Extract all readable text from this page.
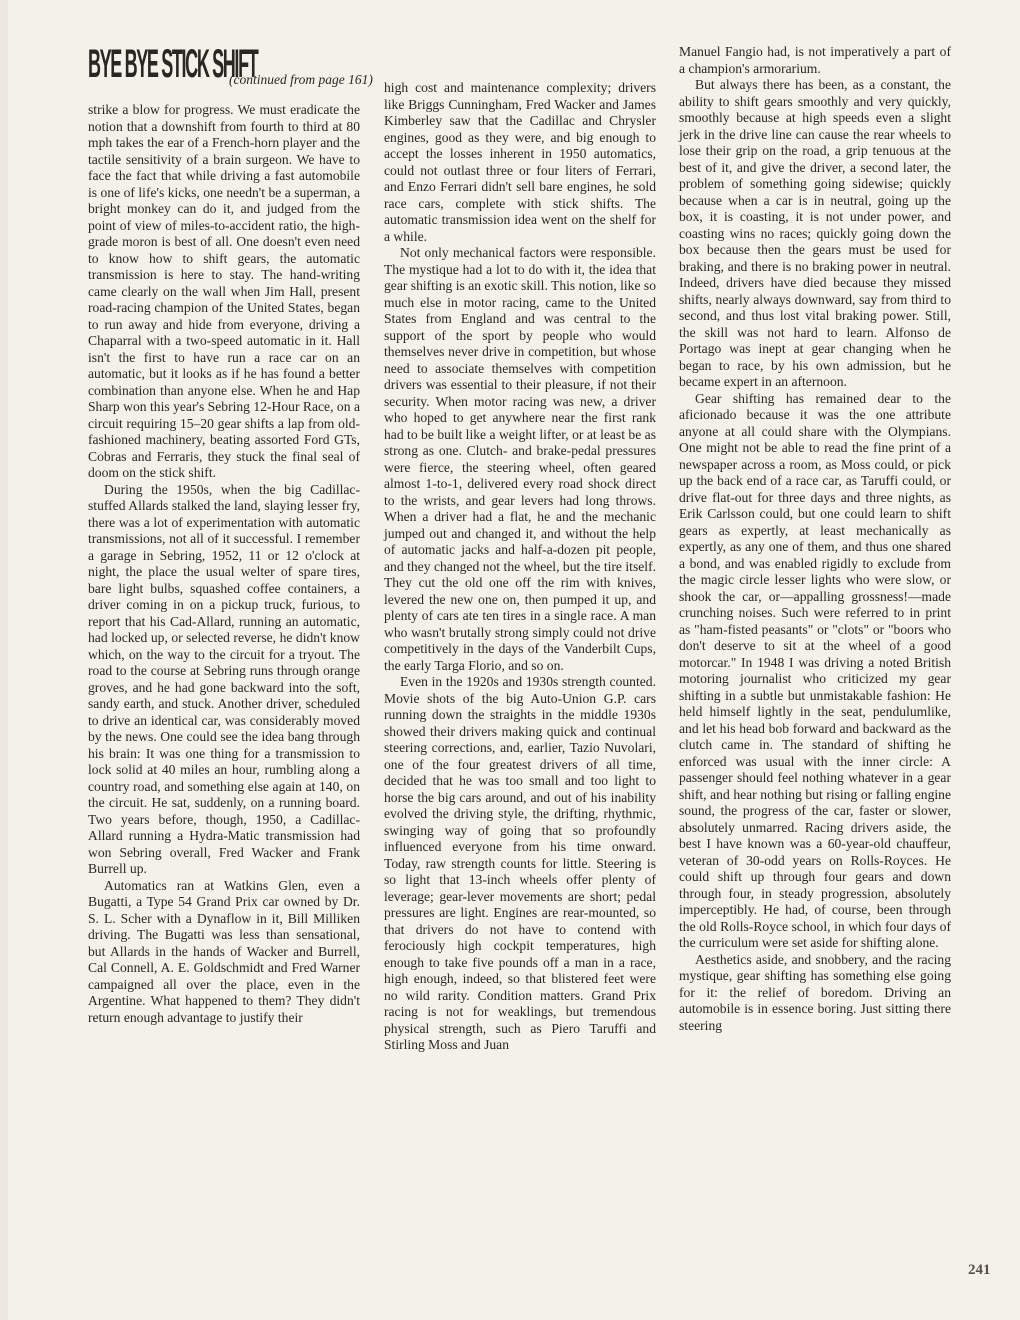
BYE BYE STICK SHIFT
(continued from page 161)

strike a blow for progress. We must eradicate the notion that a downshift from fourth to third at 80 mph takes the ear of a French-horn player and the tactile sensitivity of a brain surgeon. We have to face the fact that while driving a fast automobile is one of life's kicks, one needn't be a superman, a bright monkey can do it, and judged from the point of view of miles-to-accident ratio, the high-grade moron is best of all. One doesn't even need to know how to shift gears, the automatic transmission is here to stay. The hand-writing came clearly on the wall when Jim Hall, present road-racing champion of the United States, began to run away and hide from everyone, driving a Chaparral with a two-speed automatic in it. Hall isn't the first to have run a race car on an automatic, but it looks as if he has found a better combination than anyone else. When he and Hap Sharp won this year's Sebring 12-Hour Race, on a circuit requiring 15–20 gear shifts a lap from old-fashioned machinery, beating assorted Ford GTs, Cobras and Ferraris, they stuck the final seal of doom on the stick shift.

During the 1950s, when the big Cadillac-stuffed Allards stalked the land, slaying lesser fry, there was a lot of experimentation with automatic transmissions, not all of it successful. I remember a garage in Sebring, 1952, 11 or 12 o'clock at night, the place the usual welter of spare tires, bare light bulbs, squashed coffee containers, a driver coming in on a pickup truck, furious, to report that his Cad-Allard, running an automatic, had locked up, or selected reverse, he didn't know which, on the way to the circuit for a tryout. The road to the course at Sebring runs through orange groves, and he had gone backward into the soft, sandy earth, and stuck. Another driver, scheduled to drive an identical car, was considerably moved by the news. One could see the idea bang through his brain: It was one thing for a transmission to lock solid at 40 miles an hour, rumbling along a country road, and something else again at 140, on the circuit. He sat, suddenly, on a running board. Two years before, though, 1950, a Cadillac-Allard running a Hydra-Matic transmission had won Sebring overall, Fred Wacker and Frank Burrell up.

Automatics ran at Watkins Glen, even a Bugatti, a Type 54 Grand Prix car owned by Dr. S. L. Scher with a Dynaflow in it, Bill Milliken driving. The Bugatti was less than sensational, but Allards in the hands of Wacker and Burrell, Cal Connell, A. E. Goldschmidt and Fred Warner campaigned all over the place, even in the Argentine. What happened to them? They didn't return enough advantage to justify their

high cost and maintenance complexity; drivers like Briggs Cunningham, Fred Wacker and James Kimberley saw that the Cadillac and Chrysler engines, good as they were, and big enough to accept the losses inherent in 1950 automatics, could not outlast three or four liters of Ferrari, and Enzo Ferrari didn't sell bare engines, he sold race cars, complete with stick shifts. The automatic transmission idea went on the shelf for a while.

Not only mechanical factors were responsible. The mystique had a lot to do with it, the idea that gear shifting is an exotic skill. This notion, like so much else in motor racing, came to the United States from England and was central to the support of the sport by people who would themselves never drive in competition, but whose need to associate themselves with competition drivers was essential to their pleasure, if not their security. When motor racing was new, a driver who hoped to get anywhere near the first rank had to be built like a weight lifter, or at least be as strong as one. Clutch- and brake-pedal pressures were fierce, the steering wheel, often geared almost 1-to-1, delivered every road shock direct to the wrists, and gear levers had long throws. When a driver had a flat, he and the mechanic jumped out and changed it, and without the help of automatic jacks and half-a-dozen pit people, and they changed not the wheel, but the tire itself. They cut the old one off the rim with knives, levered the new one on, then pumped it up, and plenty of cars ate ten tires in a single race. A man who wasn't brutally strong simply could not drive competitively in the days of the Vanderbilt Cups, the early Targa Florio, and so on.

Even in the 1920s and 1930s strength counted. Movie shots of the big Auto-Union G.P. cars running down the straights in the middle 1930s showed their drivers making quick and continual steering corrections, and, earlier, Tazio Nuvolari, one of the four greatest drivers of all time, decided that he was too small and too light to horse the big cars around, and out of his inability evolved the driving style, the drifting, rhythmic, swinging way of going that so profoundly influenced everyone from his time onward. Today, raw strength counts for little. Steering is so light that 13-inch wheels offer plenty of leverage; gear-lever movements are short; pedal pressures are light. Engines are rear-mounted, so that drivers do not have to contend with ferociously high cockpit temperatures, high enough to take five pounds off a man in a race, high enough, indeed, so that blistered feet were no wild rarity. Condition matters. Grand Prix racing is not for weaklings, but tremendous physical strength, such as Piero Taruffi and Stirling Moss and Juan

Manuel Fangio had, is not imperatively a part of a champion's armorarium.

But always there has been, as a constant, the ability to shift gears smoothly and very quickly, smoothly because at high speeds even a slight jerk in the drive line can cause the rear wheels to lose their grip on the road, a grip tenuous at the best of it, and give the driver, a second later, the problem of something going sidewise; quickly because when a car is in neutral, going up the box, it is coasting, it is not under power, and coasting wins no races; quickly going down the box because then the gears must be used for braking, and there is no braking power in neutral. Indeed, drivers have died because they missed shifts, nearly always downward, say from third to second, and thus lost vital braking power. Still, the skill was not hard to learn. Alfonso de Portago was inept at gear changing when he began to race, by his own admission, but he became expert in an afternoon.

Gear shifting has remained dear to the aficionado because it was the one attribute anyone at all could share with the Olympians. One might not be able to read the fine print of a newspaper across a room, as Moss could, or pick up the back end of a race car, as Taruffi could, or drive flat-out for three days and three nights, as Erik Carlsson could, but one could learn to shift gears as expertly, at least mechanically as expertly, as any one of them, and thus one shared a bond, and was enabled rigidly to exclude from the magic circle lesser lights who were slow, or shook the car, or—appalling grossness!—made crunching noises. Such were referred to in print as "ham-fisted peasants" or "clots" or "boors who don't deserve to sit at the wheel of a good motorcar." In 1948 I was driving a noted British motoring journalist who criticized my gear shifting in a subtle but unmistakable fashion: He held himself lightly in the seat, pendulumlike, and let his head bob forward and backward as the clutch came in. The standard of shifting he enforced was usual with the inner circle: A passenger should feel nothing whatever in a gear shift, and hear nothing but rising or falling engine sound, the progress of the car, faster or slower, absolutely unmarred. Racing drivers aside, the best I have known was a 60-year-old chauffeur, veteran of 30-odd years on Rolls-Royces. He could shift up through four gears and down through four, in steady progression, absolutely imperceptibly. He had, of course, been through the old Rolls-Royce school, in which four days of the curriculum were set aside for shifting alone.

Aesthetics aside, and snobbery, and the racing mystique, gear shifting has something else going for it: the relief of boredom. Driving an automobile is in essence boring. Just sitting there steering

241
